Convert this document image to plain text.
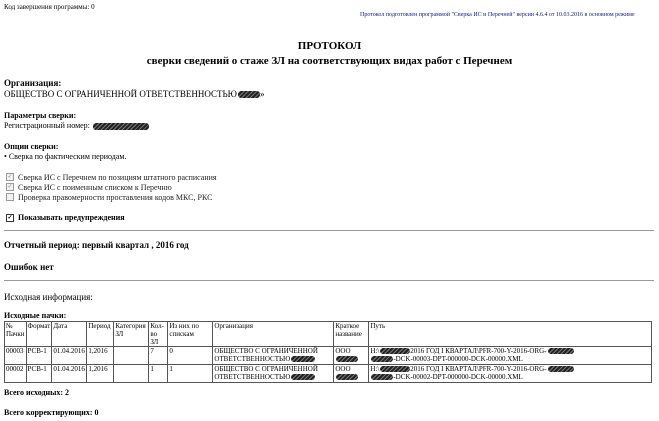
Код завершения программы: 0
Протокол подготовлен программой "Сверка ИС и Перечней" версии 4.6.4 от 10.03.2016 в основном режиме
ПРОТОКОЛ
сверки сведений о стаже ЗЛ на соответствующих видах работ с Перечнем
Организация:
ОБЩЕСТВО С ОГРАНИЧЕННОЙ ОТВЕТСТВЕННОСТЬЮ	»
Параметры сверки:
Регистрационный номер:
Опции сверки:
• Сверка по фактическим периодам.
✓ Сверка ИС с Перечнем по позициям штатного расписания
✓ Сверка ИС с поименным списком к Перечню
Проверка правомерности проставления кодов МКС, РКС
✓ Показывать предупреждения
Отчетный период: первый квартал , 2016 год
Ошибок нет
Исходная информация:
Исходные пачки:
№ Пачки	Формат	Дата	Период	Категория ЗЛ	Кол-во ЗЛ	Из них по спискам	Организация	Краткое название	Путь
00003	РСВ-1	01.04.2016	1,2016		7	0	ОБЩЕСТВО С ОГРАНИЧЕННОЙ ОТВЕТСТВЕННОСТЬЮ	ООО	Н:\ 2016 ГОД I КВАРТАЛ\PFR-700-Y-2016-ORG-
-DCK-00003-DPT-000000-DCK-00000.XML
00002	РСВ-1	01.04.2016	1,2016		1	1	ОБЩЕСТВО С ОГРАНИЧЕННОЙ ОТВЕТСТВЕННОСТЬЮ	ООО	Н:\ 2016 ГОД I КВАРТАЛ\PFR-700-Y-2016-ORG-
-DCK-00002-DPT-000000-DCK-00000.XML
Всего исходных: 2
Всего корректирующих: 0
